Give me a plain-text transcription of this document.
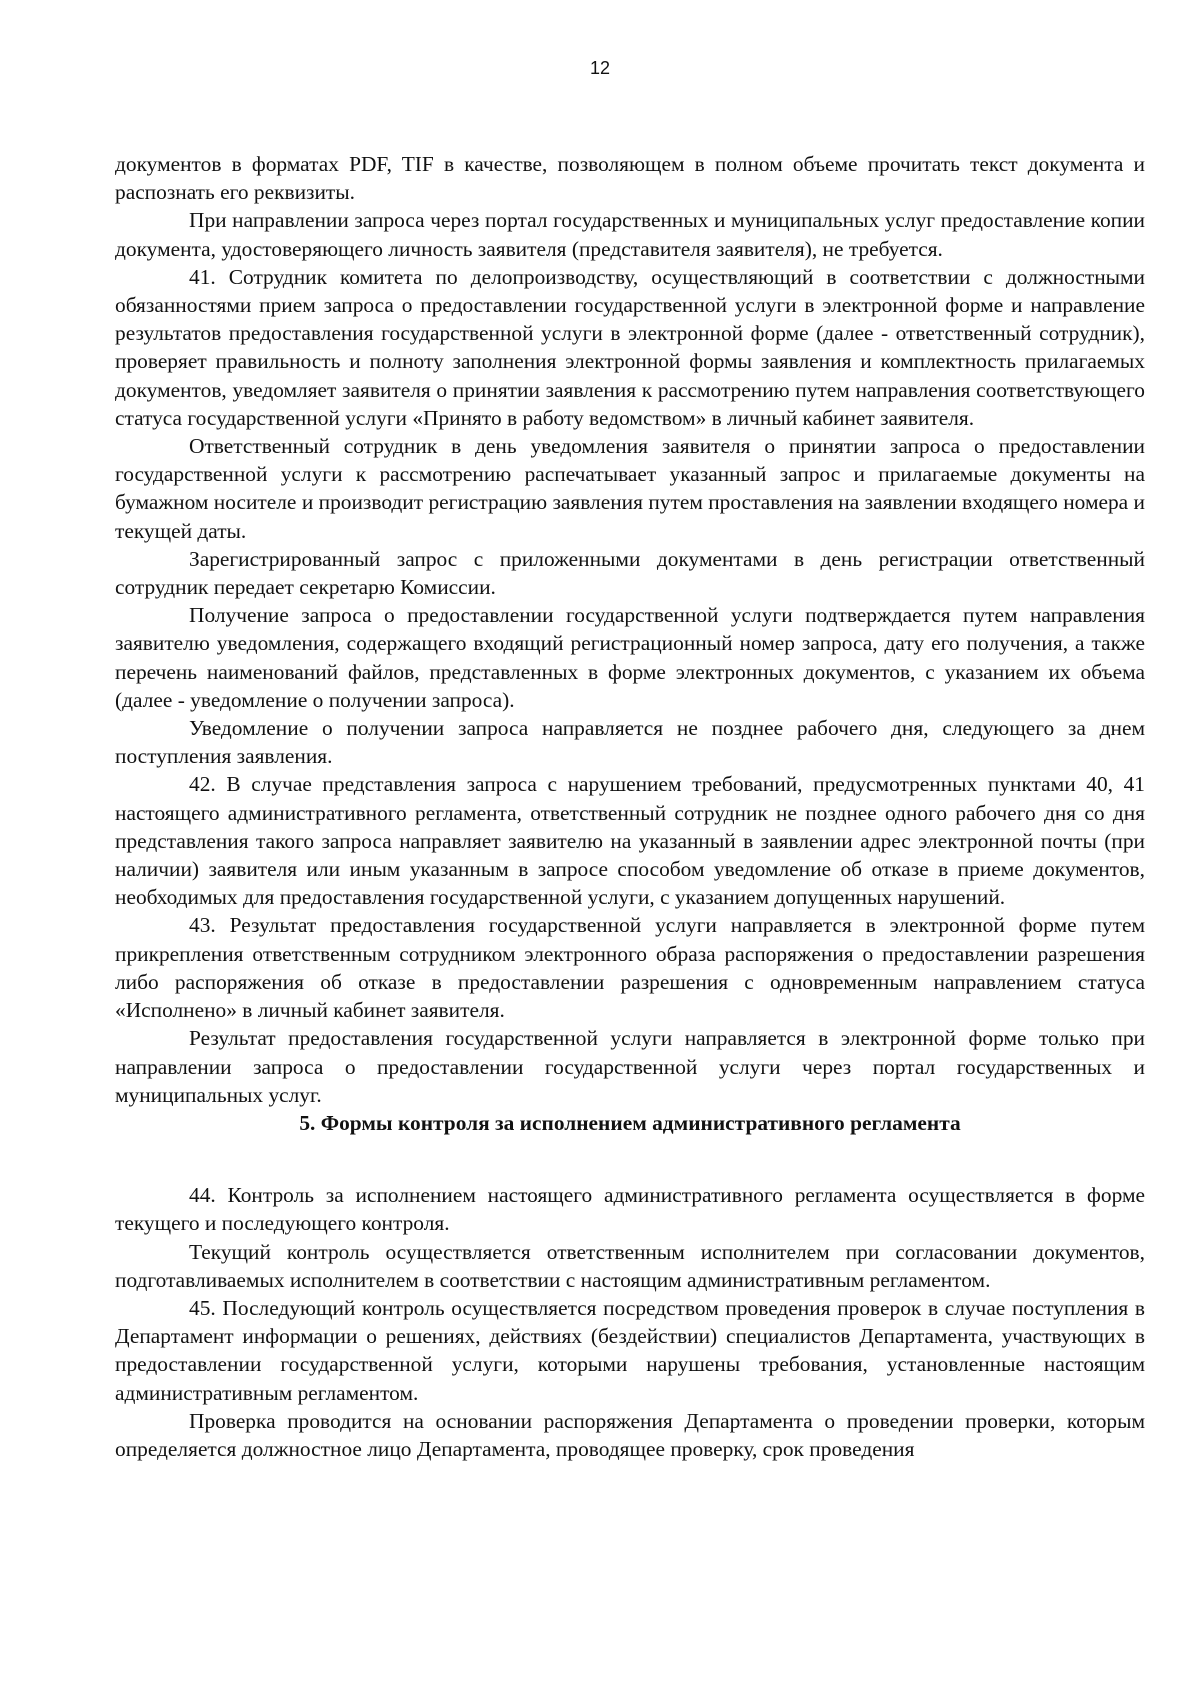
12

документов в форматах PDF, TIF в качестве, позволяющем в полном объеме прочитать текст документа и распознать его реквизиты.

При направлении запроса через портал государственных и муниципальных услуг предоставление копии документа, удостоверяющего личность заявителя (представителя заявителя), не требуется.

41. Сотрудник комитета по делопроизводству, осуществляющий в соответствии с должностными обязанностями прием запроса о предоставлении государственной услуги в электронной форме и направление результатов предоставления государственной услуги в электронной форме (далее - ответственный сотрудник), проверяет правильность и полноту заполнения электронной формы заявления и комплектность прилагаемых документов, уведомляет заявителя о принятии заявления к рассмотрению путем направления соответствующего статуса государственной услуги «Принято в работу ведомством» в личный кабинет заявителя.

Ответственный сотрудник в день уведомления заявителя о принятии запроса о предоставлении государственной услуги к рассмотрению распечатывает указанный запрос и прилагаемые документы на бумажном носителе и производит регистрацию заявления путем проставления на заявлении входящего номера и текущей даты.

Зарегистрированный запрос с приложенными документами в день регистрации ответственный сотрудник передает секретарю Комиссии.

Получение запроса о предоставлении государственной услуги подтверждается путем направления заявителю уведомления, содержащего входящий регистрационный номер запроса, дату его получения, а также перечень наименований файлов, представленных в форме электронных документов, с указанием их объема (далее - уведомление о получении запроса).

Уведомление о получении запроса направляется не позднее рабочего дня, следующего за днем поступления заявления.

42. В случае представления запроса с нарушением требований, предусмотренных пунктами 40, 41 настоящего административного регламента, ответственный сотрудник не позднее одного рабочего дня со дня представления такого запроса направляет заявителю на указанный в заявлении адрес электронной почты (при наличии) заявителя или иным указанным в запросе способом уведомление об отказе в приеме документов, необходимых для предоставления государственной услуги, с указанием допущенных нарушений.

43. Результат предоставления государственной услуги направляется в электронной форме путем прикрепления ответственным сотрудником электронного образа распоряжения о предоставлении разрешения либо распоряжения об отказе в предоставлении разрешения с одновременным направлением статуса «Исполнено» в личный кабинет заявителя.

Результат предоставления государственной услуги направляется в электронной форме только при направлении запроса о предоставлении государственной услуги через портал государственных и муниципальных услуг.

5. Формы контроля за исполнением административного регламента

44. Контроль за исполнением настоящего административного регламента осуществляется в форме текущего и последующего контроля.

Текущий контроль осуществляется ответственным исполнителем при согласовании документов, подготавливаемых исполнителем в соответствии с настоящим административным регламентом.

45. Последующий контроль осуществляется посредством проведения проверок в случае поступления в Департамент информации о решениях, действиях (бездействии) специалистов Департамента, участвующих в предоставлении государственной услуги, которыми нарушены требования, установленные настоящим административным регламентом.

Проверка проводится на основании распоряжения Департамента о проведении проверки, которым определяется должностное лицо Департамента, проводящее проверку, срок проведения
